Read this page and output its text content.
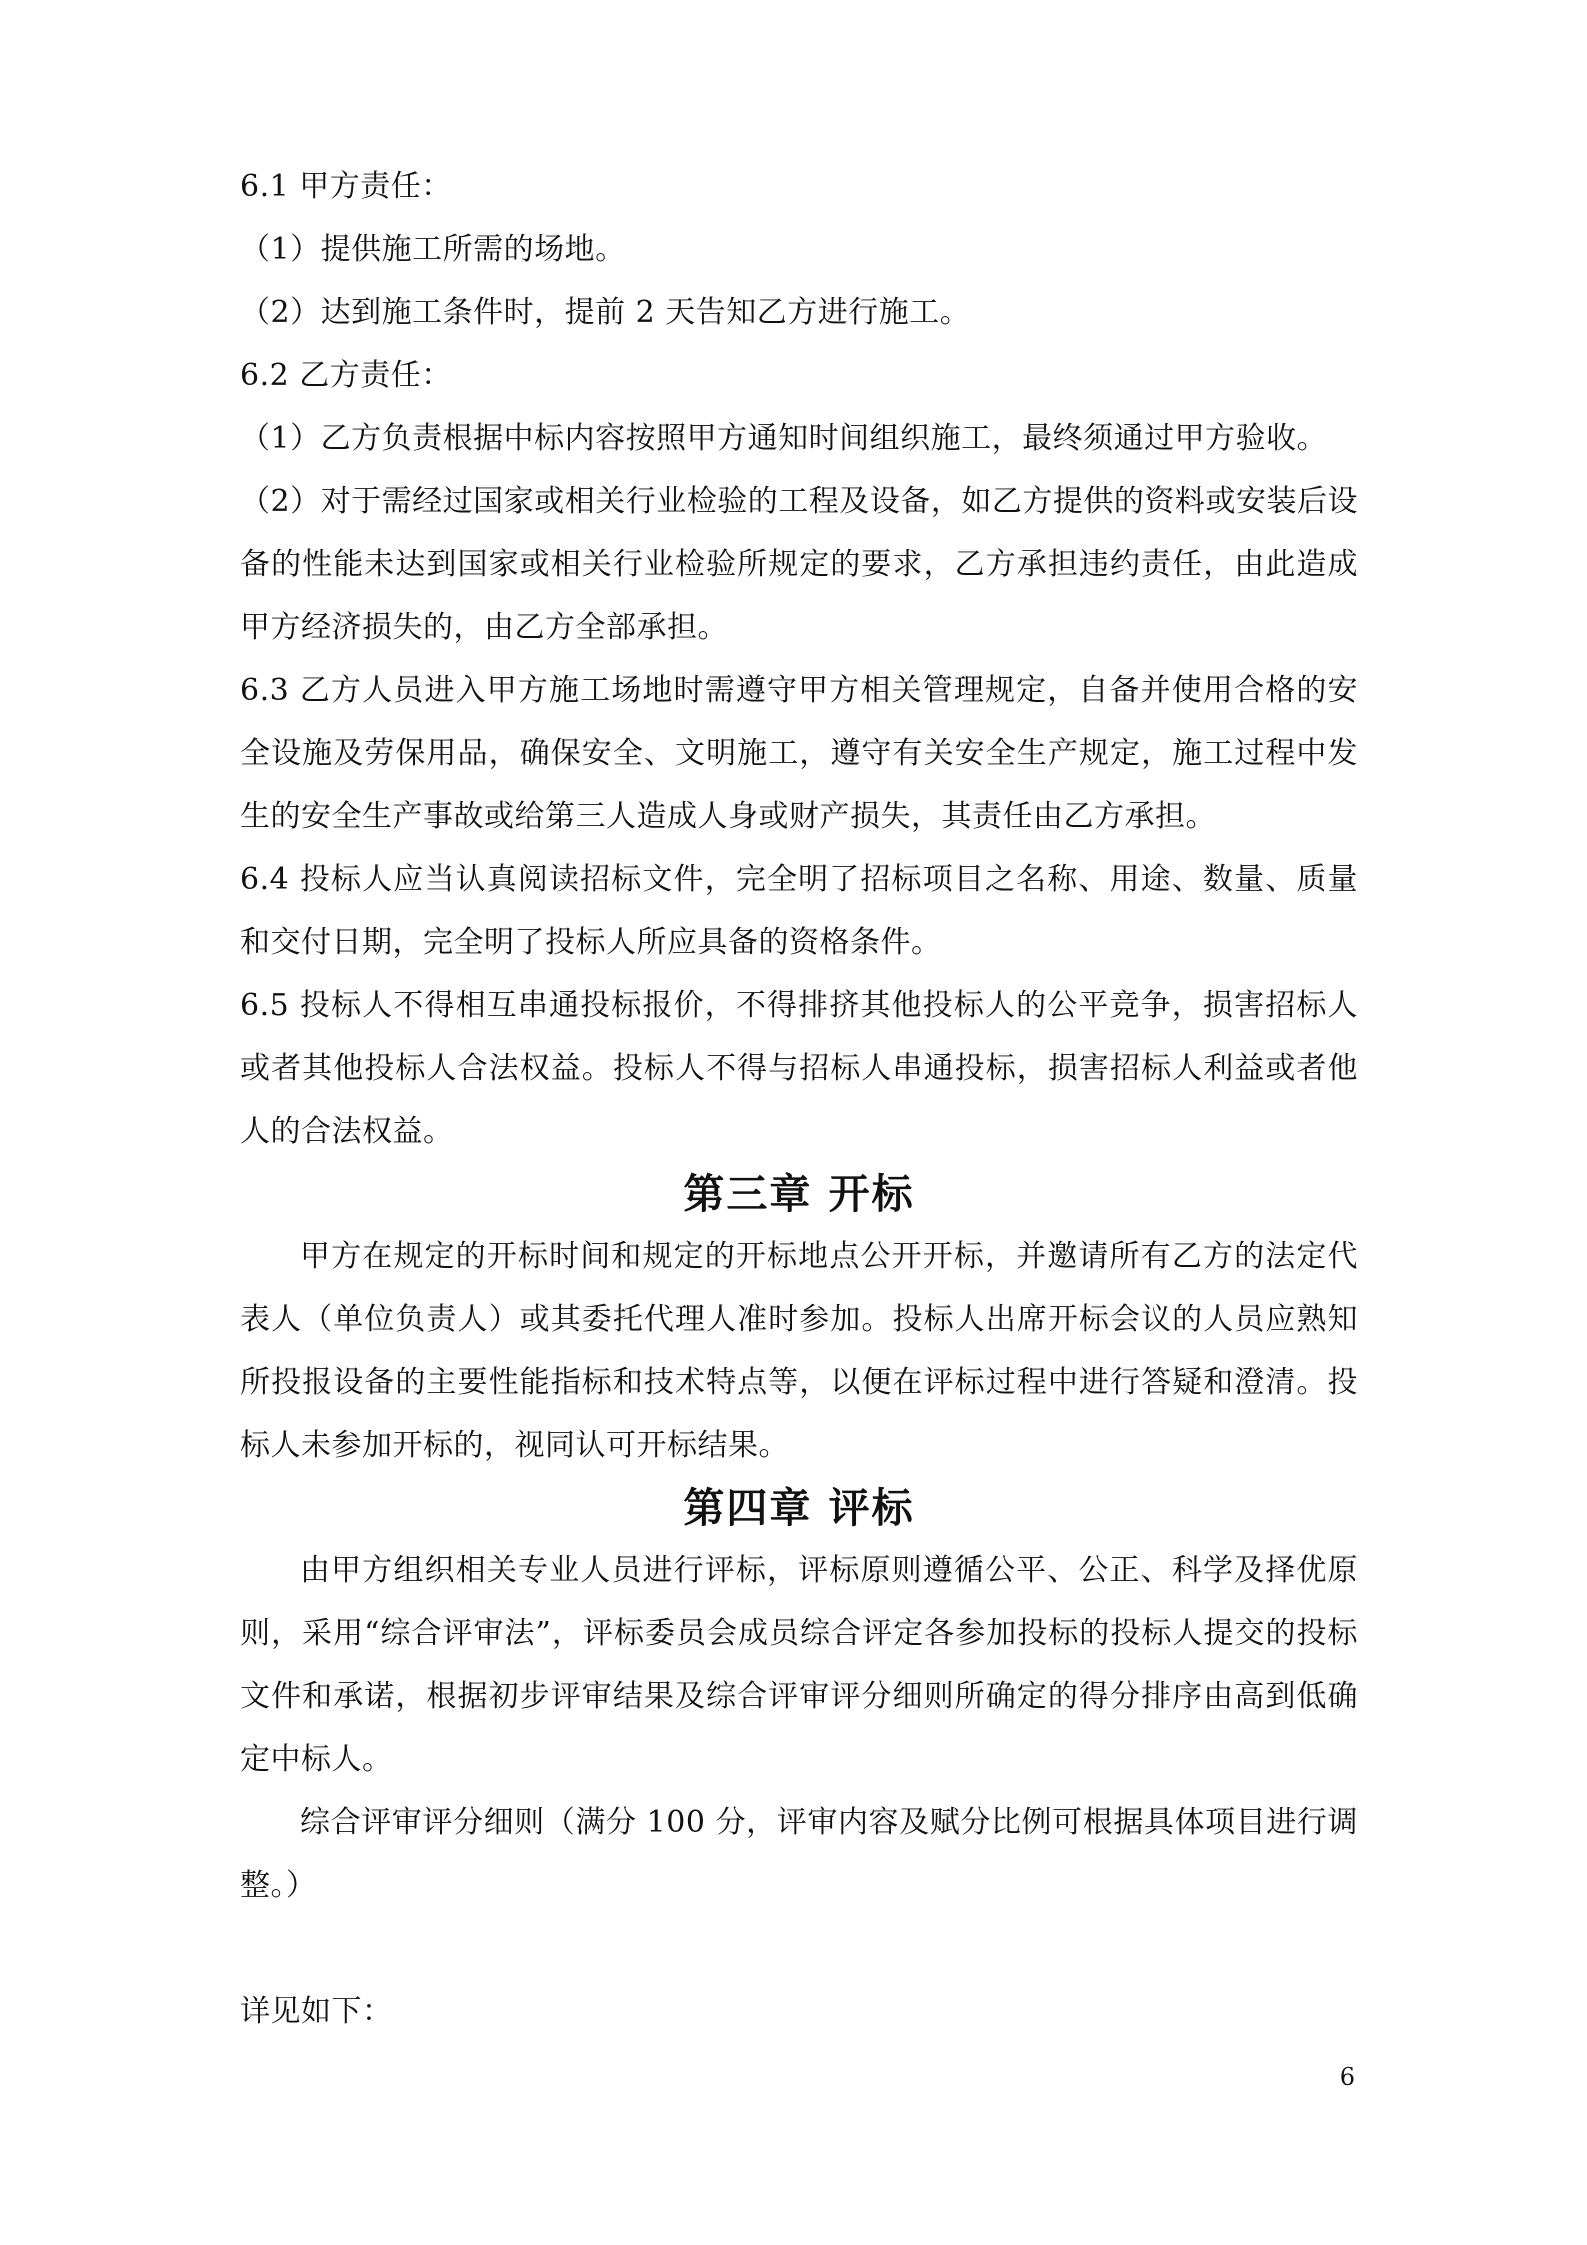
6.1 甲方责任：

（1）提供施工所需的场地。

（2）达到施工条件时，提前 2 天告知乙方进行施工。

6.2 乙方责任：

（1）乙方负责根据中标内容按照甲方通知时间组织施工，最终须通过甲方验收。

（2）对于需经过国家或相关行业检验的工程及设备，如乙方提供的资料或安装后设备的性能未达到国家或相关行业检验所规定的要求，乙方承担违约责任，由此造成甲方经济损失的，由乙方全部承担。

6.3 乙方人员进入甲方施工场地时需遵守甲方相关管理规定，自备并使用合格的安全设施及劳保用品，确保安全、文明施工，遵守有关安全生产规定，施工过程中发生的安全生产事故或给第三人造成人身或财产损失，其责任由乙方承担。

6.4 投标人应当认真阅读招标文件，完全明了招标项目之名称、用途、数量、质量和交付日期，完全明了投标人所应具备的资格条件。

6.5 投标人不得相互串通投标报价，不得排挤其他投标人的公平竞争，损害招标人或者其他投标人合法权益。投标人不得与招标人串通投标，损害招标人利益或者他人的合法权益。

第三章 开标

甲方在规定的开标时间和规定的开标地点公开开标，并邀请所有乙方的法定代表人（单位负责人）或其委托代理人准时参加。投标人出席开标会议的人员应熟知所投报设备的主要性能指标和技术特点等，以便在评标过程中进行答疑和澄清。投标人未参加开标的，视同认可开标结果。

第四章 评标

由甲方组织相关专业人员进行评标，评标原则遵循公平、公正、科学及择优原则，采用“综合评审法”，评标委员会成员综合评定各参加投标的投标人提交的投标文件和承诺，根据初步评审结果及综合评审评分细则所确定的得分排序由高到低确定中标人。

综合评审评分细则（满分 100 分，评审内容及赋分比例可根据具体项目进行调整。）

详见如下：

6
